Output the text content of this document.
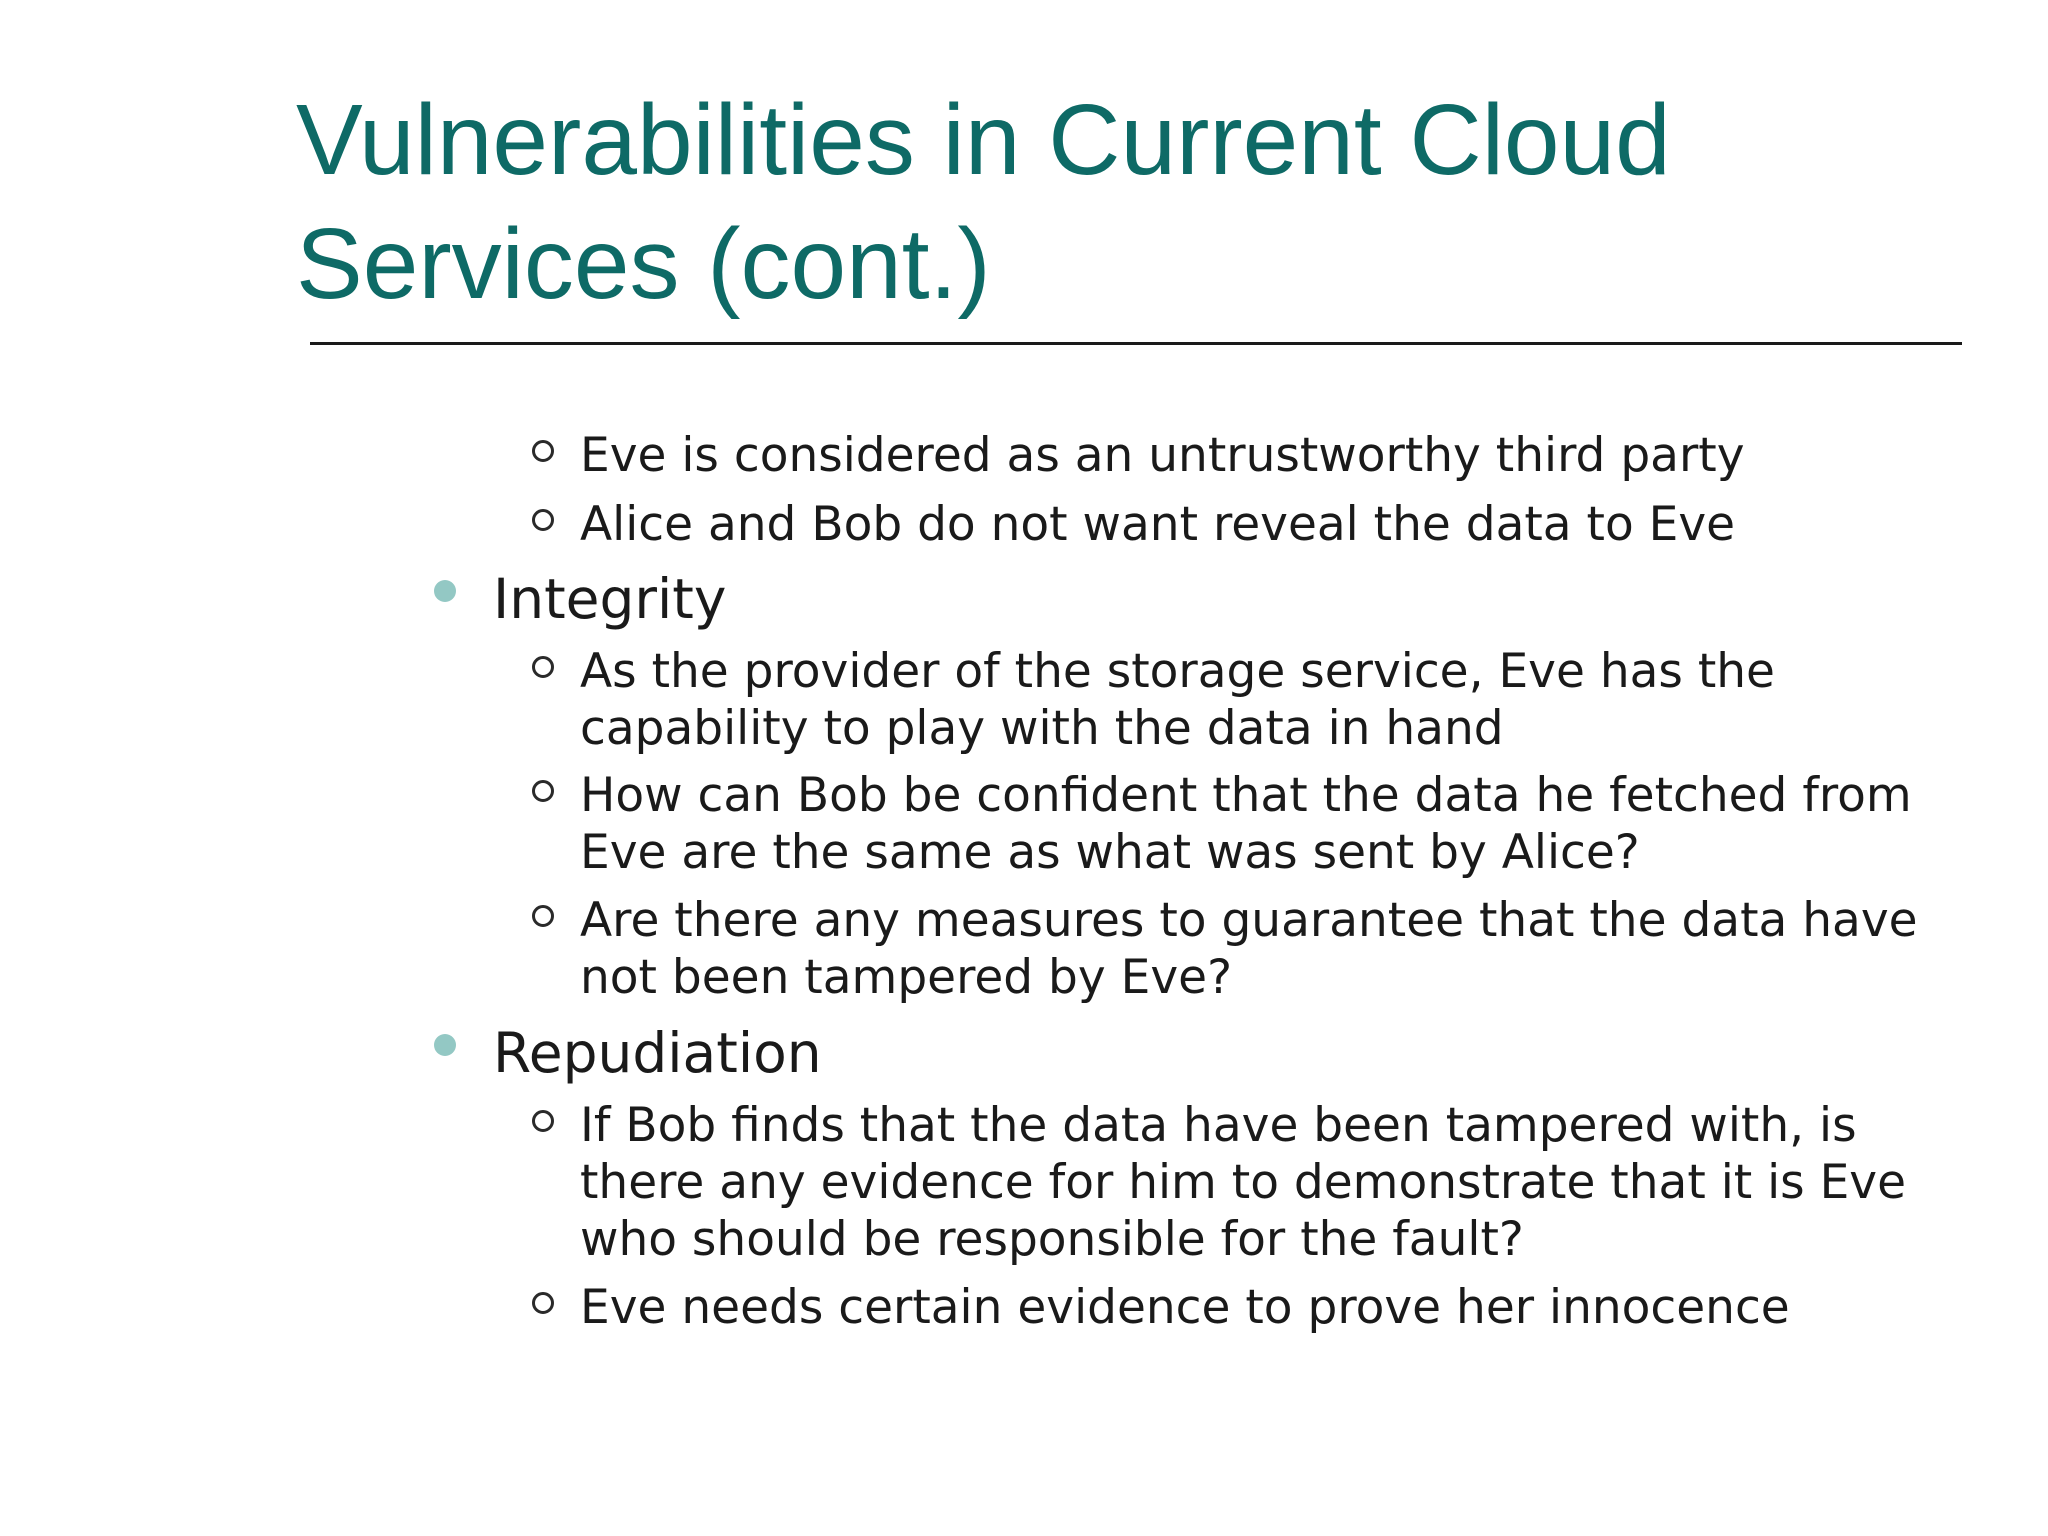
Vulnerabilities in Current Cloud
Services (cont.)
Eve is considered as an untrustworthy third party
Alice and Bob do not want reveal the data to Eve
Integrity
As the provider of the storage service, Eve has the
capability to play with the data in hand
How can Bob be confident that the data he fetched from
Eve are the same as what was sent by Alice?
Are there any measures to guarantee that the data have
not been tampered by Eve?
Repudiation
If Bob finds that the data have been tampered with, is
there any evidence for him to demonstrate that it is Eve
who should be responsible for the fault?
Eve needs certain evidence to prove her innocence
